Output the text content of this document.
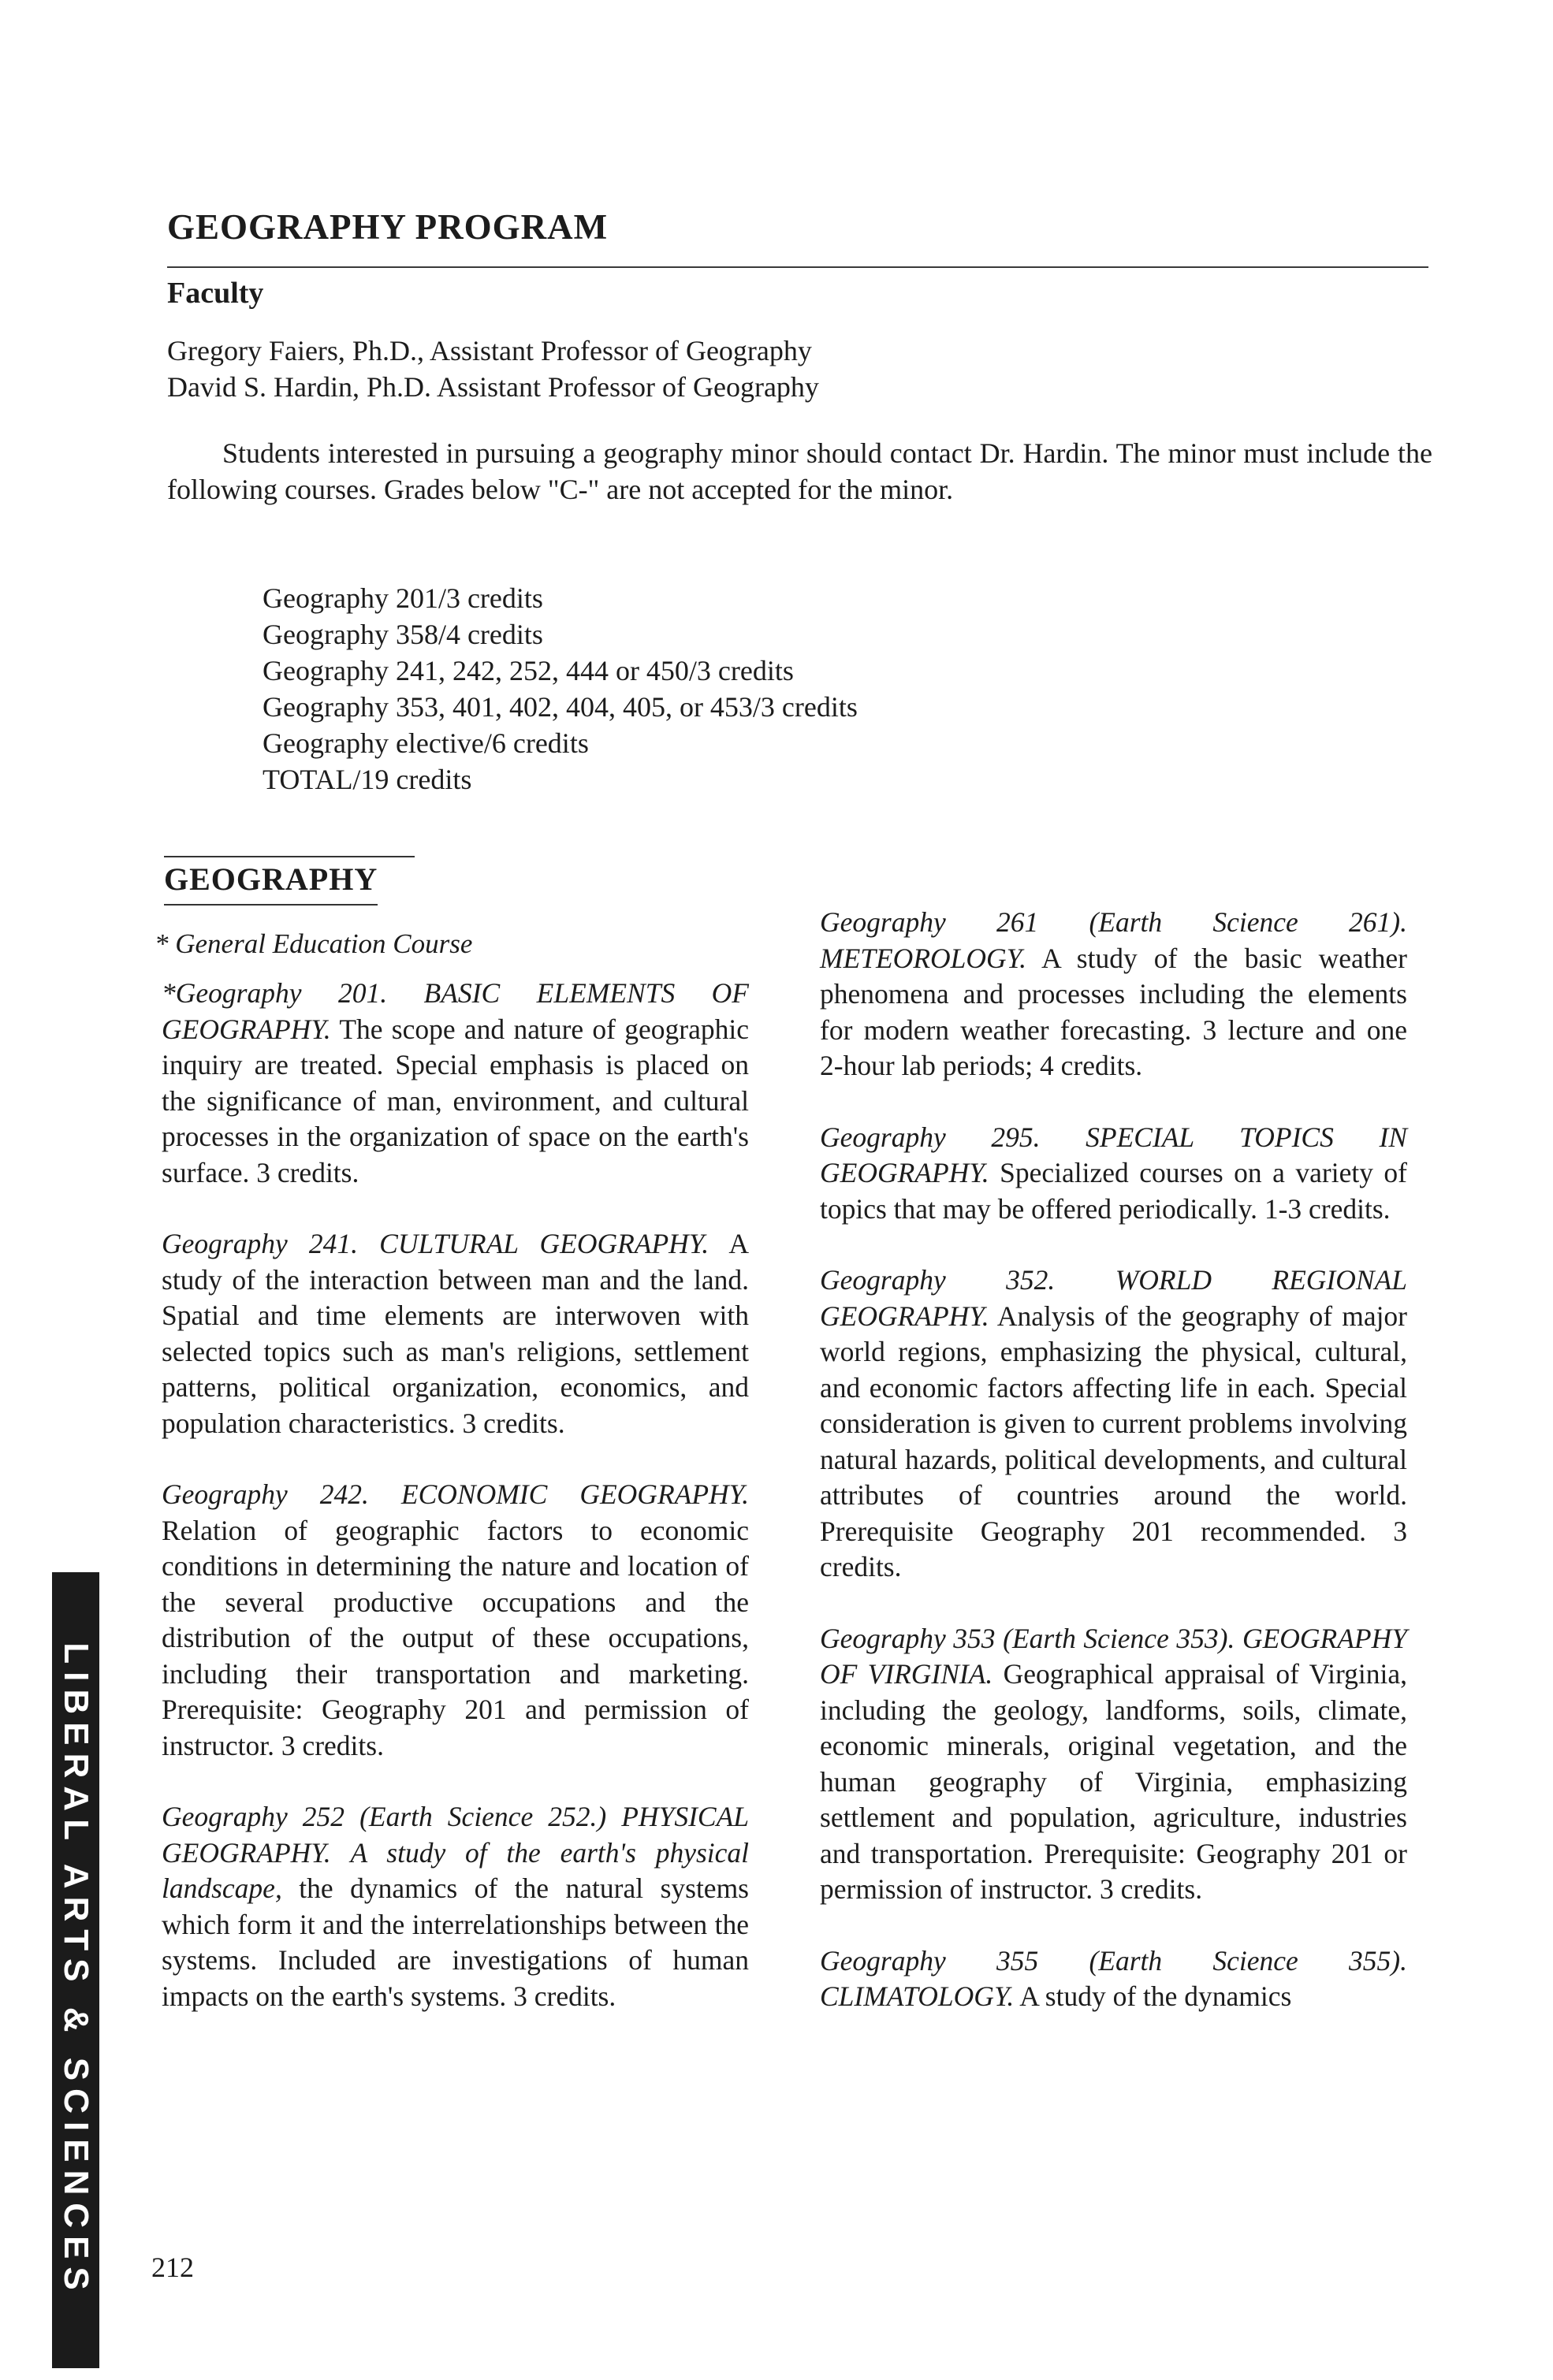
GEOGRAPHY PROGRAM
Faculty
Gregory Faiers, Ph.D., Assistant Professor of Geography
David S. Hardin, Ph.D. Assistant Professor of Geography
Students interested in pursuing a geography minor should contact Dr. Hardin. The minor must include the following courses. Grades below "C-" are not accepted for the minor.
Geography 201/3 credits
Geography 358/4 credits
Geography 241, 242, 252, 444 or 450/3 credits
Geography 353, 401, 402, 404, 405, or 453/3 credits
Geography elective/6 credits
TOTAL/19 credits
GEOGRAPHY
* General Education Course

*Geography 201. BASIC ELEMENTS OF GEOGRAPHY. The scope and nature of geographic inquiry are treated. Special emphasis is placed on the significance of man, environment, and cultural processes in the organization of space on the earth's surface. 3 credits.

Geography 241. CULTURAL GEOGRAPHY. A study of the interaction between man and the land. Spatial and time elements are interwoven with selected topics such as man's religions, settlement patterns, political organization, economics, and population characteristics. 3 credits.

Geography 242. ECONOMIC GEOGRAPHY. Relation of geographic factors to economic conditions in determining the nature and location of the several productive occupations and the distribution of the output of these occupations, including their transportation and marketing. Prerequisite: Geography 201 and permission of instructor. 3 credits.

Geography 252 (Earth Science 252.) PHYSICAL GEOGRAPHY. A study of the earth's physical landscape, the dynamics of the natural systems which form it and the interrelationships between the systems. Included are investigations of human impacts on the earth's systems. 3 credits.

Geography 261 (Earth Science 261). METEOROLOGY. A study of the basic weather phenomena and processes including the elements for modern weather forecasting. 3 lecture and one 2-hour lab periods; 4 credits.

Geography 295. SPECIAL TOPICS IN GEOGRAPHY. Specialized courses on a variety of topics that may be offered periodically. 1-3 credits.

Geography 352. WORLD REGIONAL GEOGRAPHY. Analysis of the geography of major world regions, emphasizing the physical, cultural, and economic factors affecting life in each. Special consideration is given to current problems involving natural hazards, political developments, and cultural attributes of countries around the world. Prerequisite Geography 201 recommended. 3 credits.

Geography 353 (Earth Science 353). GEOGRAPHY OF VIRGINIA. Geographical appraisal of Virginia, including the geology, landforms, soils, climate, economic minerals, original vegetation, and the human geography of Virginia, emphasizing settlement and population, agriculture, industries and transportation. Prerequisite: Geography 201 or permission of instructor. 3 credits.

Geography 355 (Earth Science 355). CLIMATOLOGY. A study of the dynamics

212
LIBERAL ARTS & SCIENCES
